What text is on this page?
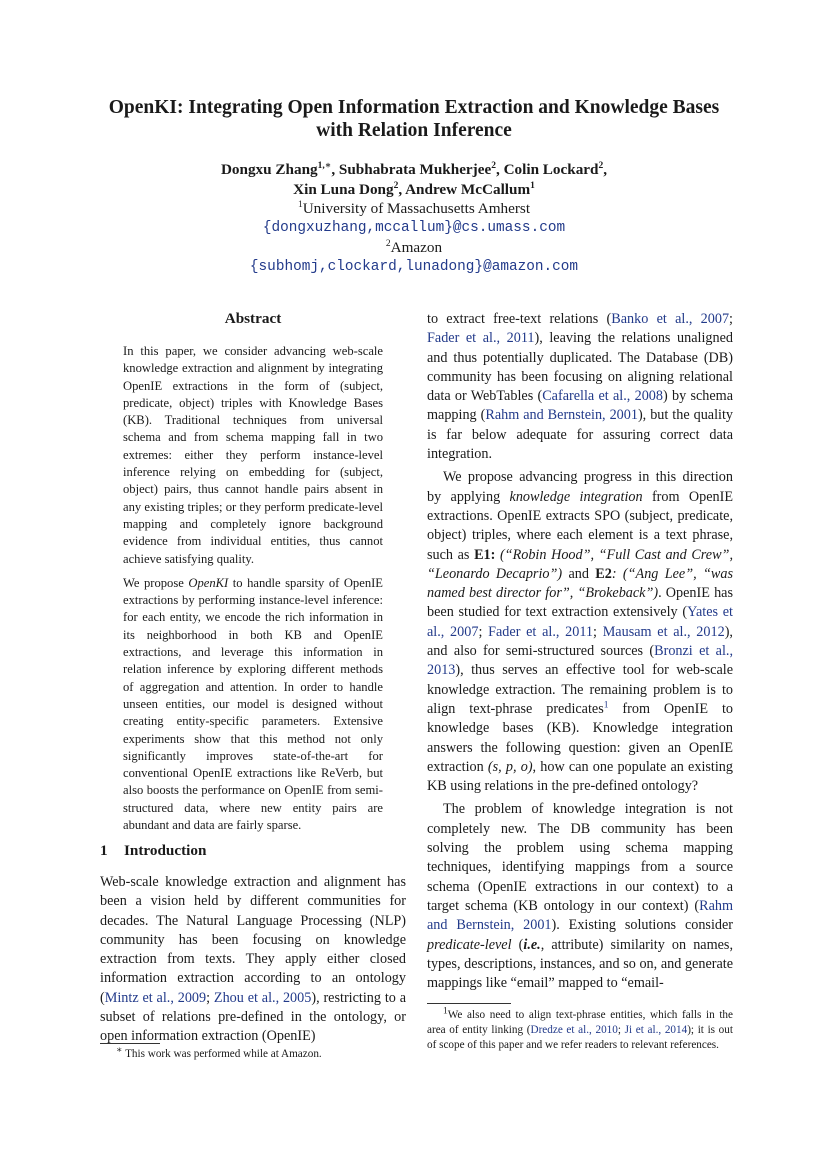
OpenKI: Integrating Open Information Extraction and Knowledge Bases
with Relation Inference
Dongxu Zhang$^{1,∗}$, Subhabrata Mukherjee$^2$, Colin Lockard$^2$,
Xin Luna Dong$^2$, Andrew McCallum$^1$
$^1$University of Massachusetts Amherst
{dongxuzhang,mccallum}@cs.umass.com
$^2$Amazon
{subhomj,clockard,lunadong}@amazon.com
Abstract

In this paper, we consider advancing web-scale knowledge extraction and alignment by integrating OpenIE extractions in the form of (subject, predicate, object) triples with Knowledge Bases (KB). Traditional techniques from universal schema and from schema mapping fall in two extremes: either they perform instance-level inference relying on embedding for (subject, object) pairs, thus cannot handle pairs absent in any existing triples; or they perform predicate-level mapping and completely ignore background evidence from individual entities, thus cannot achieve satisfying quality.

We propose OpenKI to handle sparsity of OpenIE extractions by performing instance-level inference: for each entity, we encode the rich information in its neighborhood in both KB and OpenIE extractions, and leverage this information in relation inference by exploring different methods of aggregation and attention. In order to handle unseen entities, our model is designed without creating entity-specific parameters. Extensive experiments show that this method not only significantly improves state-of-the-art for conventional OpenIE extractions like ReVerb, but also boosts the performance on OpenIE from semi-structured data, where new entity pairs are abundant and data are fairly sparse.

1 Introduction

Web-scale knowledge extraction and alignment has been a vision held by different communities for decades. The Natural Language Processing (NLP) community has been focusing on knowledge extraction from texts. They apply either closed information extraction according to an ontology (Mintz et al., 2009; Zhou et al., 2005), restricting to a subset of relations pre-defined in the ontology, or open information extraction (OpenIE)

to extract free-text relations (Banko et al., 2007; Fader et al., 2011), leaving the relations unaligned and thus potentially duplicated. The Database (DB) community has been focusing on aligning relational data or WebTables (Cafarella et al., 2008) by schema mapping (Rahm and Bernstein, 2001), but the quality is far below adequate for assuring correct data integration.

We propose advancing progress in this direction by applying knowledge integration from OpenIE extractions. OpenIE extracts SPO (subject, predicate, object) triples, where each element is a text phrase, such as E1: (“Robin Hood”, “Full Cast and Crew”, “Leonardo Decaprio”) and E2: (“Ang Lee”, “was named best director for”, “Brokeback”). OpenIE has been studied for text extraction extensively (Yates et al., 2007; Fader et al., 2011; Mausam et al., 2012), and also for semi-structured sources (Bronzi et al., 2013), thus serves an effective tool for web-scale knowledge extraction. The remaining problem is to align text-phrase predicates$^1$ from OpenIE to knowledge bases (KB). Knowledge integration answers the following question: given an OpenIE extraction (s, p, o), how can one populate an existing KB using relations in the pre-defined ontology?

The problem of knowledge integration is not completely new. The DB community has been solving the problem using schema mapping techniques, identifying mappings from a source schema (OpenIE extractions in our context) to a target schema (KB ontology in our context) (Rahm and Bernstein, 2001). Existing solutions consider predicate-level (i.e., attribute) similarity on names, types, descriptions, instances, and so on, and generate mappings like “email” mapped to “email-

∗ This work was performed while at Amazon.

$^1$We also need to align text-phrase entities, which falls in the area of entity linking (Dredze et al., 2010; Ji et al., 2014); it is out of scope of this paper and we refer readers to relevant references.
